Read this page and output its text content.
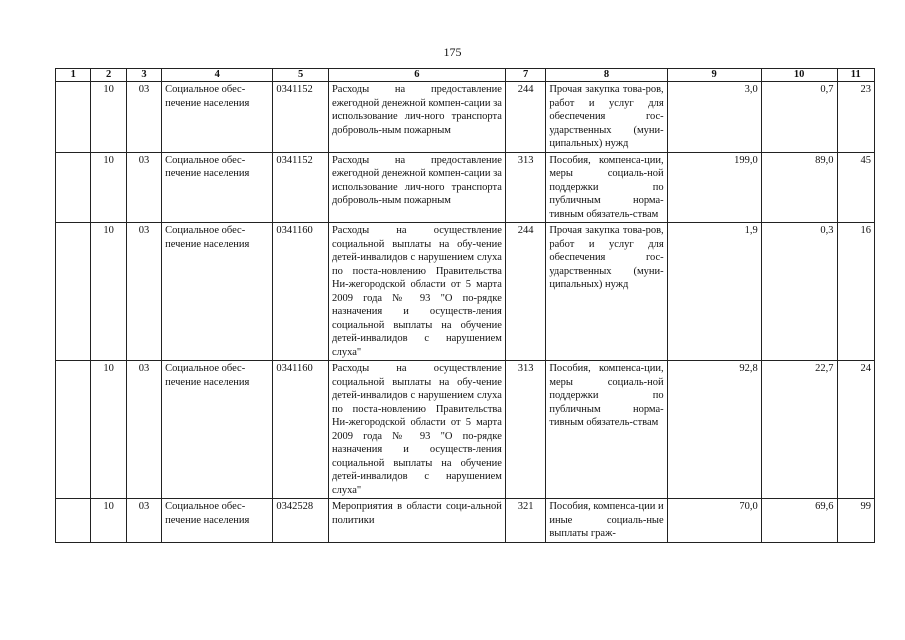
175
1	2	3	4	5	6	7	8	9	10	11
	10	03	Социальное обес-печение населения	0341152	Расходы на предоставление ежегодной денежной компен-сации за использование лич-ного транспорта доброволь-ным пожарным	244	Прочая закупка това-ров, работ и услуг для обеспечения гос-ударственных (муни-ципальных) нужд	3,0	0,7	23
	10	03	Социальное обес-печение населения	0341152	Расходы на предоставление ежегодной денежной компен-сации за использование лич-ного транспорта доброволь-ным пожарным	313	Пособия, компенса-ции, меры социаль-ной поддержки по публичным норма-тивным обязатель-ствам	199,0	89,0	45
	10	03	Социальное обес-печение населения	0341160	Расходы на осуществление социальной выплаты на обу-чение детей-инвалидов с нарушением слуха по поста-новлению Правительства Ни-жегородской области от 5 марта 2009 года № 93 "О по-рядке назначения и осуществ-ления социальной выплаты на обучение детей-инвалидов с нарушением слуха"	244	Прочая закупка това-ров, работ и услуг для обеспечения гос-ударственных (муни-ципальных) нужд	1,9	0,3	16
	10	03	Социальное обес-печение населения	0341160	Расходы на осуществление социальной выплаты на обу-чение детей-инвалидов с нарушением слуха по поста-новлению Правительства Ни-жегородской области от 5 марта 2009 года № 93 "О по-рядке назначения и осуществ-ления социальной выплаты на обучение детей-инвалидов с нарушением слуха"	313	Пособия, компенса-ции, меры социаль-ной поддержки по публичным норма-тивным обязатель-ствам	92,8	22,7	24
	10	03	Социальное обес-печение населения	0342528	Мероприятия в области соци-альной политики	321	Пособия, компенса-ции и иные социаль-ные выплаты граж-	70,0	69,6	99
